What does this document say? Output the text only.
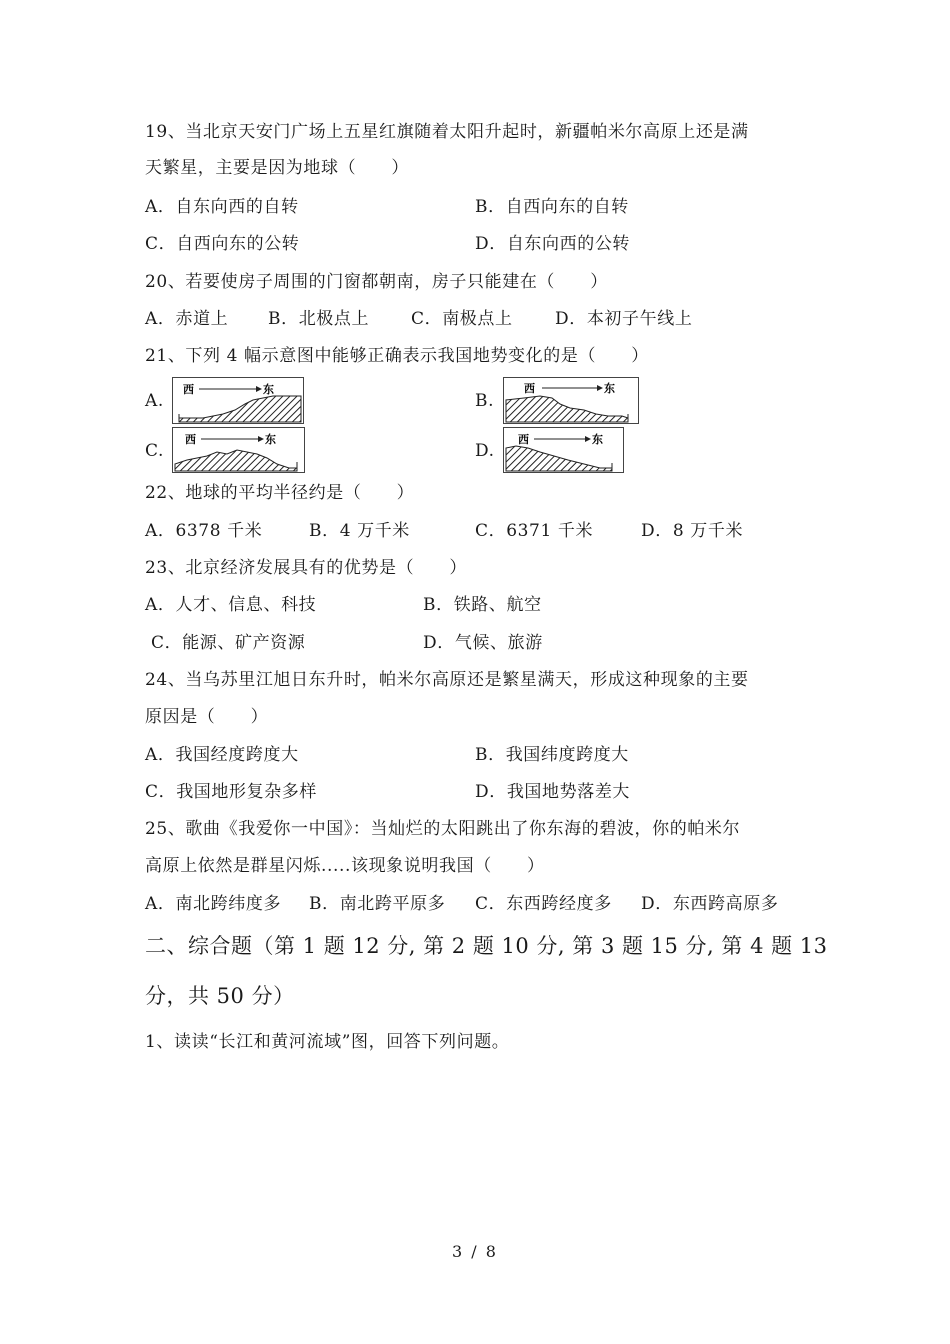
19、当北京天安门广场上五星红旗随着太阳升起时，新疆帕米尔高原上还是满
天繁星，主要是因为地球（　　）
A．自东向西的自转	B．自西向东的自转
C．自西向东的公转	D．自东向西的公转
20、若要使房子周围的门窗都朝南，房子只能建在（　　）
A．赤道上 B．北极点上 C．南极点上 D．本初子午线上
21、下列 4 幅示意图中能够正确表示我国地势变化的是（　　）
A.
西	东
B.
西	东
C.
西	东
D.
西	东
22、地球的平均半径约是（　　）
A．6378 千米	B．4 万千米	C．6371 千米	D．8 万千米
23、北京经济发展具有的优势是（　　）
A．人才、信息、科技	B．铁路、航空
C．能源、矿产资源	D．气候、旅游
24、当乌苏里江旭日东升时，帕米尔高原还是繁星满天，形成这种现象的主要
原因是（　　）
A．我国经度跨度大	B．我国纬度跨度大
C．我国地形复杂多样	D．我国地势落差大
25、歌曲《我爱你一中国》：当灿烂的太阳跳出了你东海的碧波，你的帕米尔
高原上依然是群星闪烁.....该现象说明我国（　　）
A．南北跨纬度多 B．南北跨平原多 C．东西跨经度多 D．东西跨高原多
二、综合题（第 1 题 12 分, 第 2 题 10 分, 第 3 题 15 分, 第 4 题 13
分，共 50 分）
1、读读“长江和黄河流域”图，回答下列问题。
3 / 8
